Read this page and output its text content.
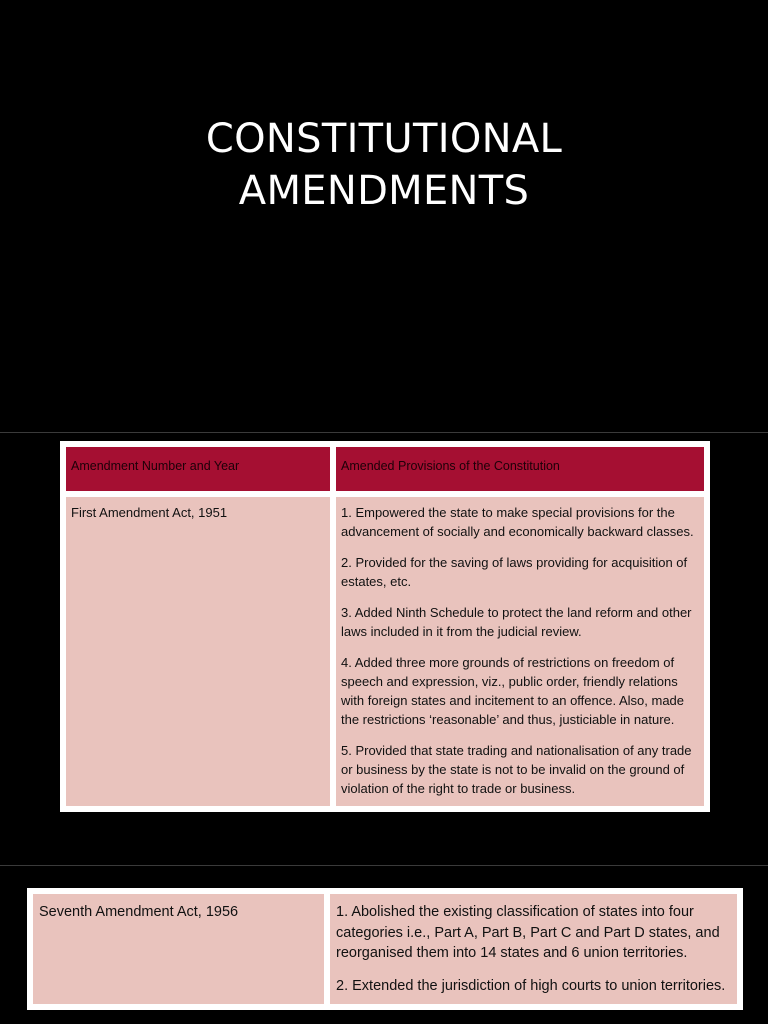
CONSTITUTIONAL
AMENDMENTS
Amendment Number and Year	Amended Provisions of the Constitution
First Amendment Act, 1951	1. Empowered the state to make special provisions for the advancement of socially and economically backward classes.

2. Provided for the saving of laws providing for acquisition of estates, etc.

3. Added Ninth Schedule to protect the land reform and other laws included in it from the judicial review.

4. Added three more grounds of restrictions on freedom of speech and expression, viz., public order, friendly relations with foreign states and incitement to an offence. Also, made the restrictions ‘reasonable’ and thus, justiciable in nature.

5. Provided that state trading and nationalisation of any trade or business by the state is not to be invalid on the ground of violation of the right to trade or business.

Seventh Amendment Act, 1956	1. Abolished the existing classification of states into four categories i.e., Part A, Part B, Part C and Part D states, and reorganised them into 14 states and 6 union territories.

2. Extended the jurisdiction of high courts to union territories.
